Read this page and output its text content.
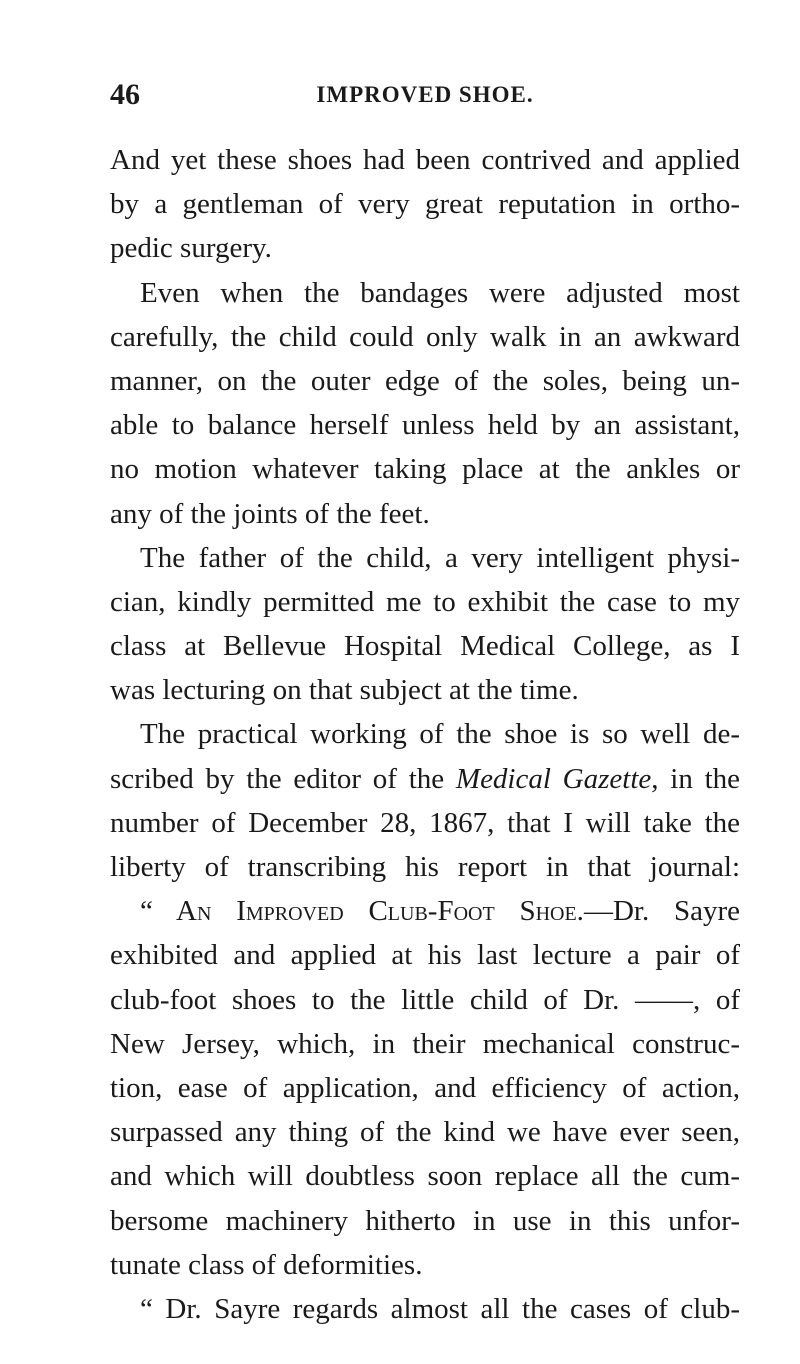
46	IMPROVED SHOE.
And yet these shoes had been contrived and applied
by a gentleman of very great reputation in ortho-
pedic surgery.
Even when the bandages were adjusted most
carefully, the child could only walk in an awkward
manner, on the outer edge of the soles, being un-
able to balance herself unless held by an assistant,
no motion whatever taking place at the ankles or
any of the joints of the feet.
The father of the child, a very intelligent physi-
cian, kindly permitted me to exhibit the case to my
class at Bellevue Hospital Medical College, as I
was lecturing on that subject at the time.
The practical working of the shoe is so well de-
scribed by the editor of the Medical Gazette, in the
number of December 28, 1867, that I will take the
liberty of transcribing his report in that journal:
“ An Improved Club-Foot Shoe.—Dr. Sayre
exhibited and applied at his last lecture a pair of
club-foot shoes to the little child of Dr. ——, of
New Jersey, which, in their mechanical construc-
tion, ease of application, and efficiency of action,
surpassed any thing of the kind we have ever seen,
and which will doubtless soon replace all the cum-
bersome machinery hitherto in use in this unfor-
tunate class of deformities.
“ Dr. Sayre regards almost all the cases of club-
